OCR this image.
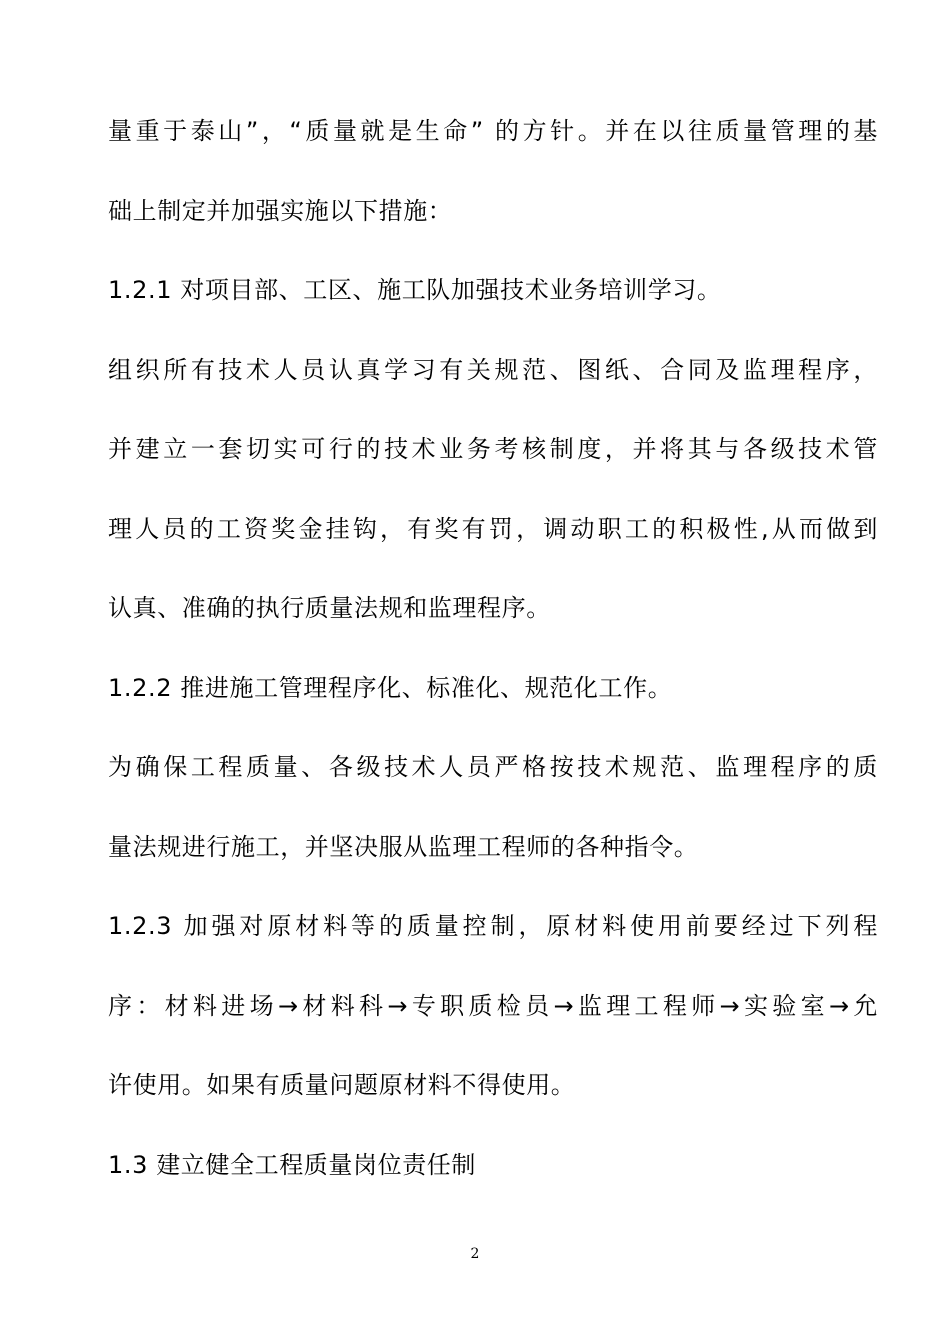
量重于泰山”，“质量就是生命” 的方针。并在以往质量管理的基
础上制定并加强实施以下措施：
1.2.1 对项目部、工区、施工队加强技术业务培训学习。
组织所有技术人员认真学习有关规范、图纸、合同及监理程序，
并建立一套切实可行的技术业务考核制度，并将其与各级技术管
理人员的工资奖金挂钩，有奖有罚，调动职工的积极性,从而做到
认真、准确的执行质量法规和监理程序。
1.2.2 推进施工管理程序化、标准化、规范化工作。
为确保工程质量、各级技术人员严格按技术规范、监理程序的质
量法规进行施工，并坚决服从监理工程师的各种指令。
1.2.3 加强对原材料等的质量控制，原材料使用前要经过下列程
序：材料进场→材料科→专职质检员→监理工程师→实验室→允
许使用。如果有质量问题原材料不得使用。
1.3 建立健全工程质量岗位责任制
2
